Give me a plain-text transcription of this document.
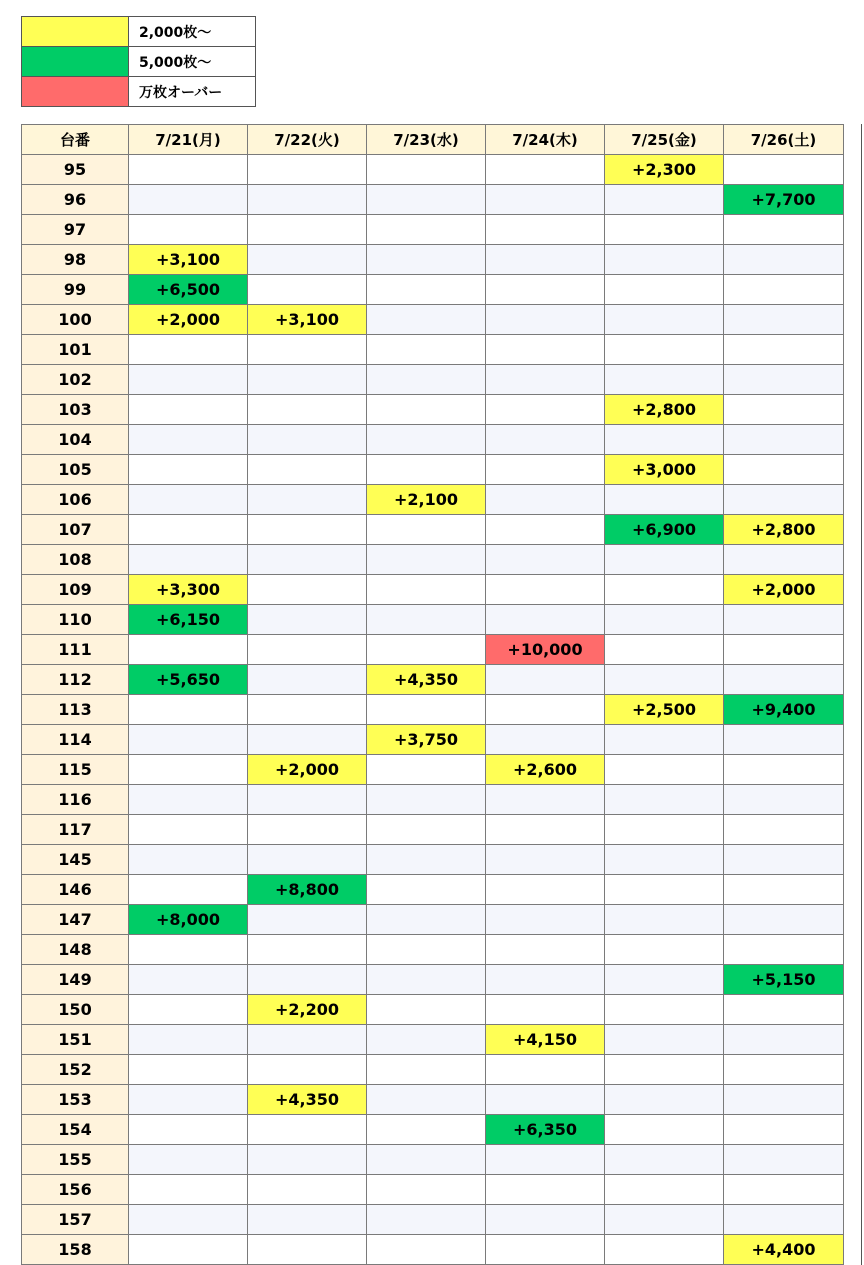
	2,000枚～
	5,000枚～
	万枚オーバー
台番	7/21(月)	7/22(火)	7/23(水)	7/24(木)	7/25(金)	7/26(土)
95					+2,300	
96						+7,700
97						
98	+3,100					
99	+6,500					
100	+2,000	+3,100				
101						
102						
103					+2,800	
104						
105					+3,000	
106			+2,100			
107					+6,900	+2,800
108						
109	+3,300					+2,000
110	+6,150					
111				+10,000		
112	+5,650		+4,350			
113					+2,500	+9,400
114			+3,750			
115		+2,000		+2,600		
116						
117						
145						
146		+8,800				
147	+8,000					
148						
149						+5,150
150		+2,200				
151				+4,150		
152						
153		+4,350				
154				+6,350		
155						
156						
157						
158						+4,400
